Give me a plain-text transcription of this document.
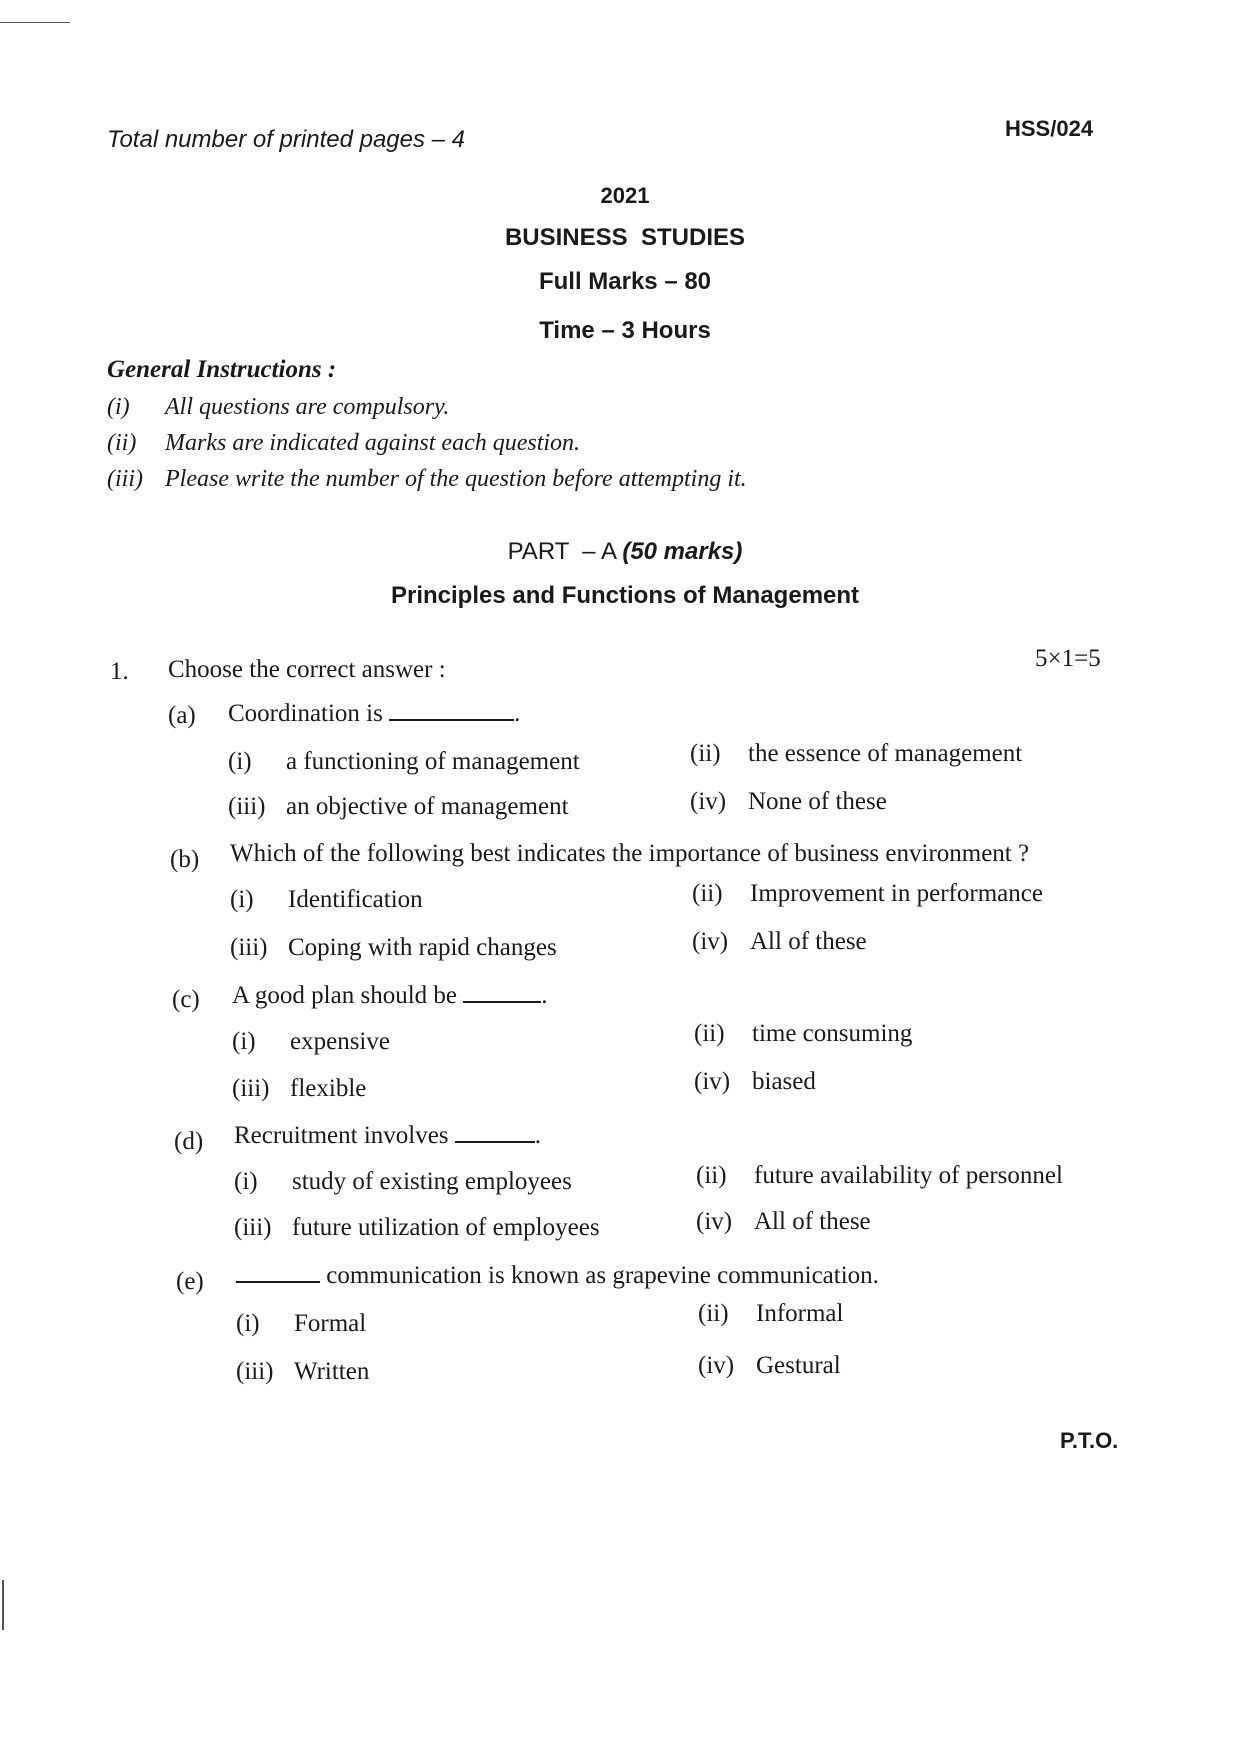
Total number of printed pages – 4	HSS/024
2021
BUSINESS  STUDIES
Full Marks – 80
Time – 3 Hours
General Instructions :
(i) All questions are compulsory.
(ii) Marks are indicated against each question.
(iii) Please write the number of the question before attempting it.
PART  – A (50 marks)
Principles and Functions of Management
1. Choose the correct answer :	5×1=5
(a) Coordination is	.
(i) a functioning of management	(ii) the essence of management
(iii) an objective of management	(iv) None of these
(b) Which of the following best indicates the importance of business environment ?
(i) Identification	(ii) Improvement in performance
(iii) Coping with rapid changes	(iv) All of these
(c) A good plan should be	.
(i) expensive	(ii) time consuming
(iii) flexible	(iv) biased
(d) Recruitment involves	.
(i) study of existing employees	(ii) future availability of personnel
(iii) future utilization of employees	(iv) All of these
(e)	communication is known as grapevine communication.
(i) Formal	(ii) Informal
(iii) Written	(iv) Gestural
P.T.O.
